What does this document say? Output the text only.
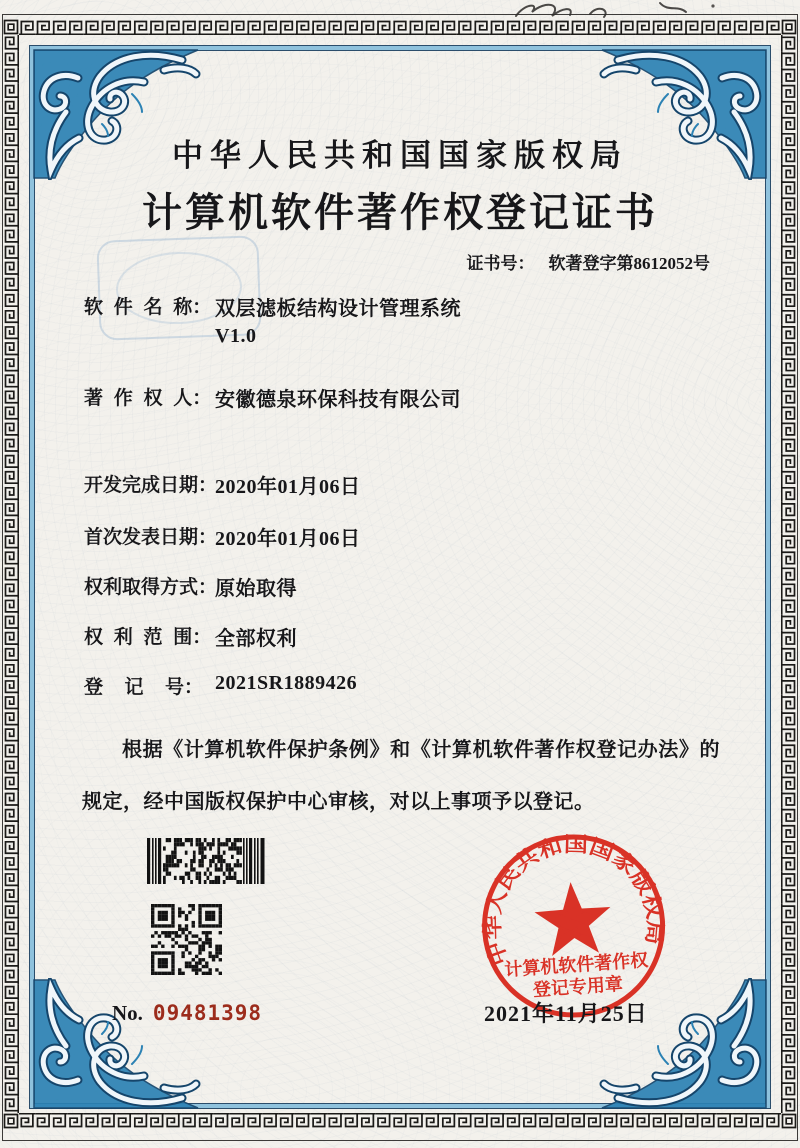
中华人民共和国国家版权局
计算机软件著作权登记证书
证书号： 软著登字第8612052号
软 件 名 称： 双层滤板结构设计管理系统
V1.0
著 作 权 人： 安徽德泉环保科技有限公司
开发完成日期：
2020年01月06日
首次发表日期：
2020年01月06日
权利取得方式：
原始取得
权 利 范 围： 全部权利
登  记  号： 2021SR1889426
根据《计算机软件保护条例》和《计算机软件著作权登记办法》的规定，经中国版权保护中心审核，对以上事项予以登记。
No. 09481398
中华人民共和国国家版权局
计算机软件著作权
登记专用章
2021年11月25日
